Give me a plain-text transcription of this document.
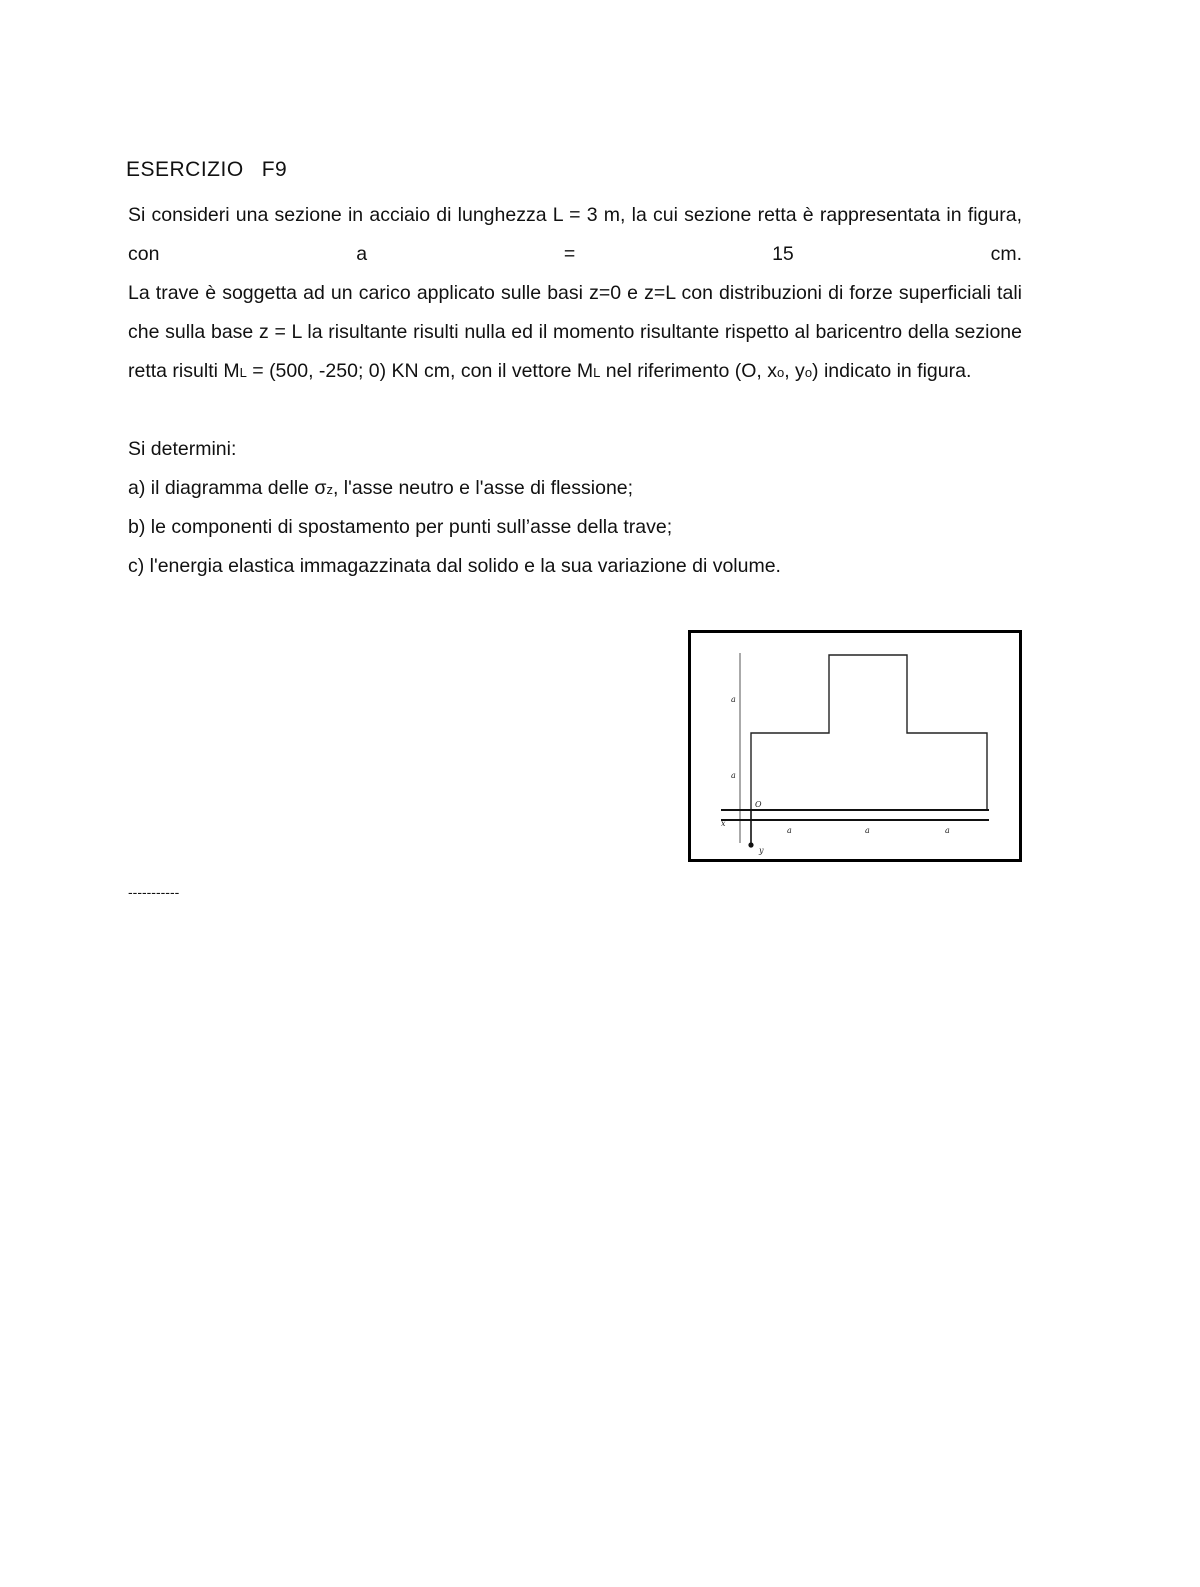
ESERCIZIO F9
Si consideri una sezione in acciaio di lunghezza L = 3 m, la cui sezione retta è rappresentata in figura, con a = 15 cm.
La trave è soggetta ad un carico applicato sulle basi z=0 e z=L con distribuzioni di forze superficiali tali che sulla base z = L la risultante risulti nulla ed il momento risultante rispetto al baricentro della sezione retta risulti ML = (500, -250; 0) KN cm, con il vettore ML nel riferimento (O, xo, yo) indicato in figura.
Si determini:
a) il diagramma delle σz, l'asse neutro e l'asse di flessione;
b) le componenti di spostamento per punti sull’asse della trave;
c) l'energia elastica immagazzinata dal solido e la sua variazione di volume.
a
a
O
a	a	a
x
y
-----------
